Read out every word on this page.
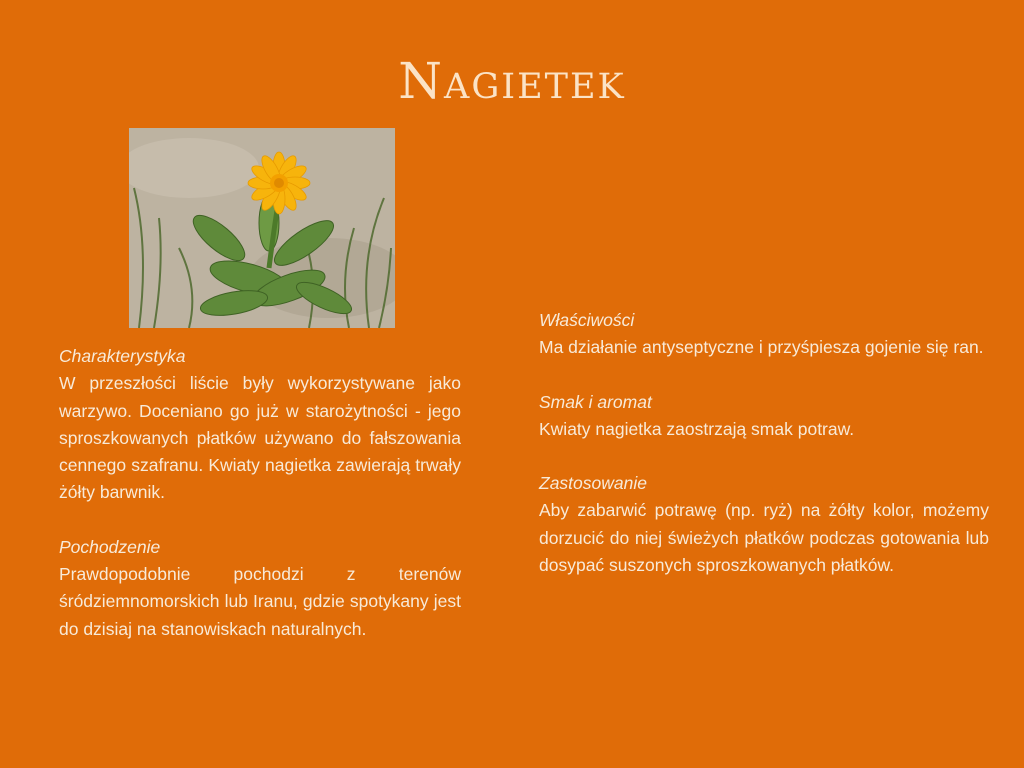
Nagietek
Charakterystyka
W przeszłości liście były wykorzystywane jako warzywo. Doceniano go już w starożytności - jego sproszkowanych płatków używano do fałszowania cennego szafranu. Kwiaty nagietka zawierają trwały żółty barwnik.
Pochodzenie
Prawdopodobnie pochodzi z terenów śródziemnomorskich lub Iranu, gdzie spotykany jest do dzisiaj na stanowiskach naturalnych.
Właściwości
Ma działanie antyseptyczne i przyśpiesza gojenie się ran.
Smak i aromat
Kwiaty nagietka zaostrzają smak potraw.
Zastosowanie
Aby zabarwić potrawę (np. ryż) na żółty kolor, możemy dorzucić do niej świeżych płatków podczas gotowania lub dosypać suszonych sproszkowanych płatków.
